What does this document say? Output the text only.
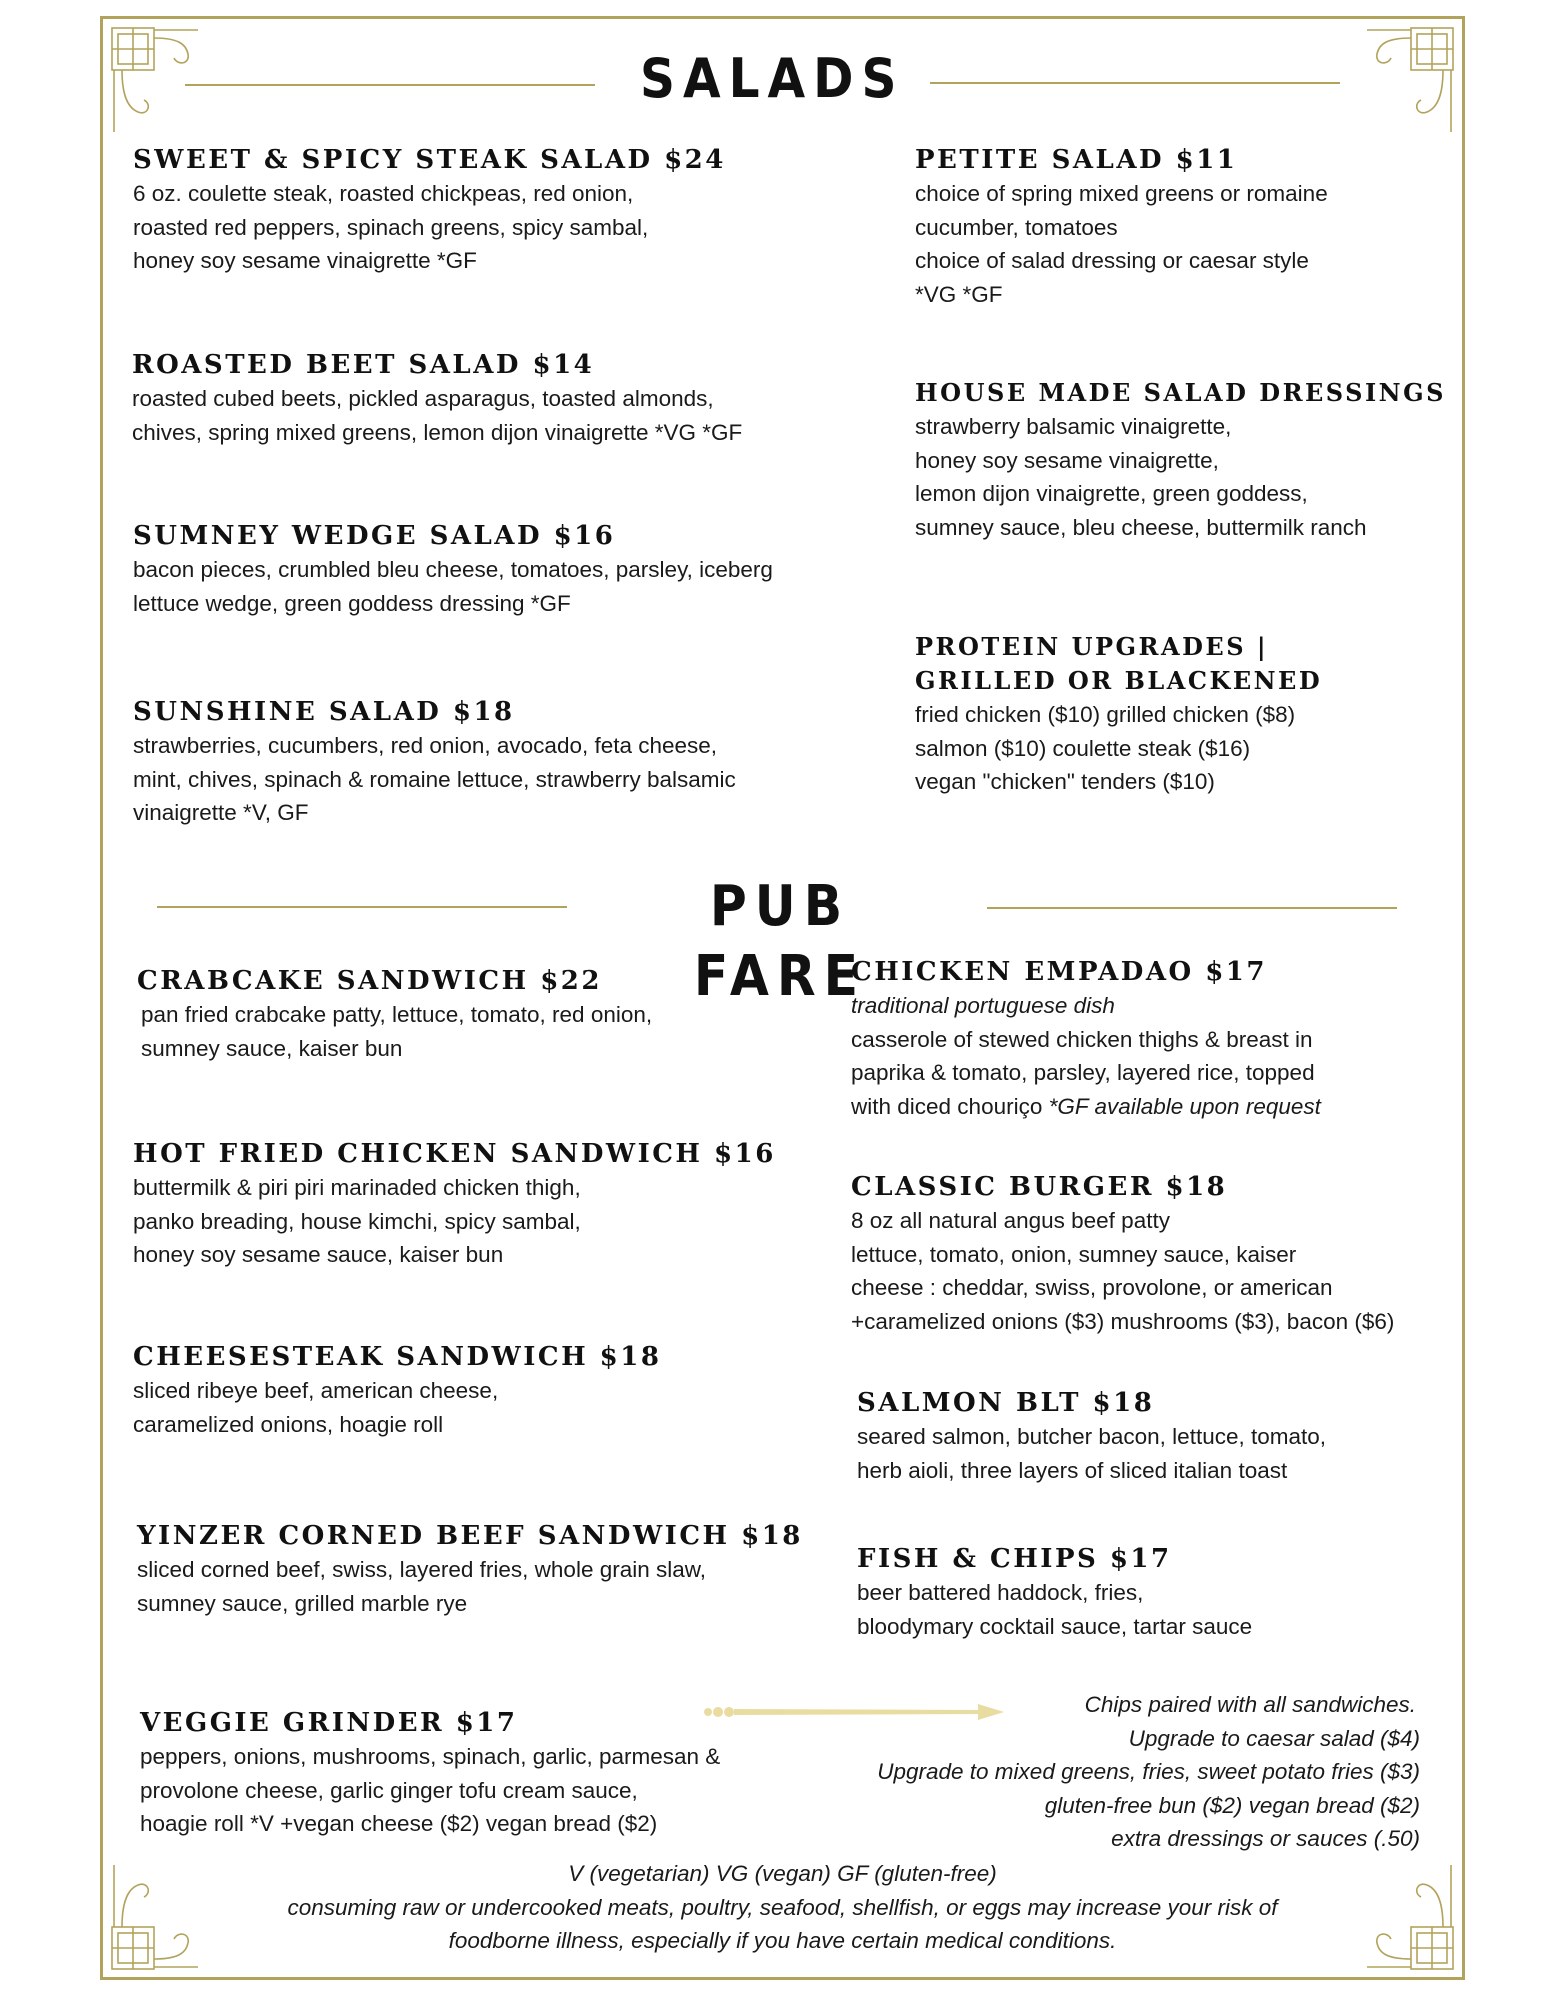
SALADS
SWEET & SPICY STEAK SALAD $24
6 oz. coulette steak, roasted chickpeas, red onion,
roasted red peppers, spinach greens, spicy sambal,
honey soy sesame vinaigrette *GF
ROASTED BEET SALAD $14
roasted cubed beets, pickled asparagus, toasted almonds,
chives, spring mixed greens, lemon dijon vinaigrette *VG *GF
SUMNEY WEDGE SALAD $16
bacon pieces, crumbled bleu cheese, tomatoes, parsley, iceberg
lettuce wedge, green goddess dressing *GF
SUNSHINE SALAD $18
strawberries, cucumbers, red onion, avocado, feta cheese,
mint, chives, spinach & romaine lettuce, strawberry balsamic
vinaigrette *V, GF
PETITE SALAD $11
choice of spring mixed greens or romaine
cucumber, tomatoes
choice of salad dressing or caesar style
*VG *GF
HOUSE MADE SALAD DRESSINGS
strawberry balsamic vinaigrette,
honey soy sesame vinaigrette,
lemon dijon vinaigrette, green goddess,
sumney sauce, bleu cheese, buttermilk ranch
PROTEIN UPGRADES |
GRILLED OR BLACKENED
fried chicken ($10) grilled chicken ($8)
salmon ($10) coulette steak ($16)
vegan "chicken" tenders ($10)
PUB FARE
CRABCAKE SANDWICH $22
pan fried crabcake patty, lettuce, tomato, red onion,
sumney sauce, kaiser bun
HOT FRIED CHICKEN SANDWICH $16
buttermilk & piri piri marinaded chicken thigh,
panko breading, house kimchi, spicy sambal,
honey soy sesame sauce, kaiser bun
CHEESESTEAK SANDWICH $18
sliced ribeye beef, american cheese,
caramelized onions, hoagie roll
YINZER CORNED BEEF SANDWICH $18
sliced corned beef, swiss, layered fries, whole grain slaw,
sumney sauce, grilled marble rye
VEGGIE GRINDER $17
peppers, onions, mushrooms, spinach, garlic, parmesan &
provolone cheese, garlic ginger tofu cream sauce,
hoagie roll *V +vegan cheese ($2) vegan bread ($2)
CHICKEN EMPADAO $17
traditional portuguese dish
casserole of stewed chicken thighs & breast in
paprika & tomato, parsley, layered rice, topped
with diced chouriço *GF available upon request
CLASSIC BURGER $18
8 oz all natural angus beef patty
lettuce, tomato, onion, sumney sauce, kaiser
cheese : cheddar, swiss, provolone, or american
+caramelized onions ($3) mushrooms ($3), bacon ($6)
SALMON BLT $18
seared salmon, butcher bacon, lettuce, tomato,
herb aioli, three layers of sliced italian toast
FISH & CHIPS $17
beer battered haddock, fries,
bloodymary cocktail sauce, tartar sauce
Chips paired with all sandwiches.
Upgrade to caesar salad ($4)
Upgrade to mixed greens, fries, sweet potato fries ($3)
gluten-free bun ($2) vegan bread ($2)
extra dressings or sauces (.50)
V (vegetarian) VG (vegan) GF (gluten-free)
consuming raw or undercooked meats, poultry, seafood, shellfish, or eggs may increase your risk of
foodborne illness, especially if you have certain medical conditions.
